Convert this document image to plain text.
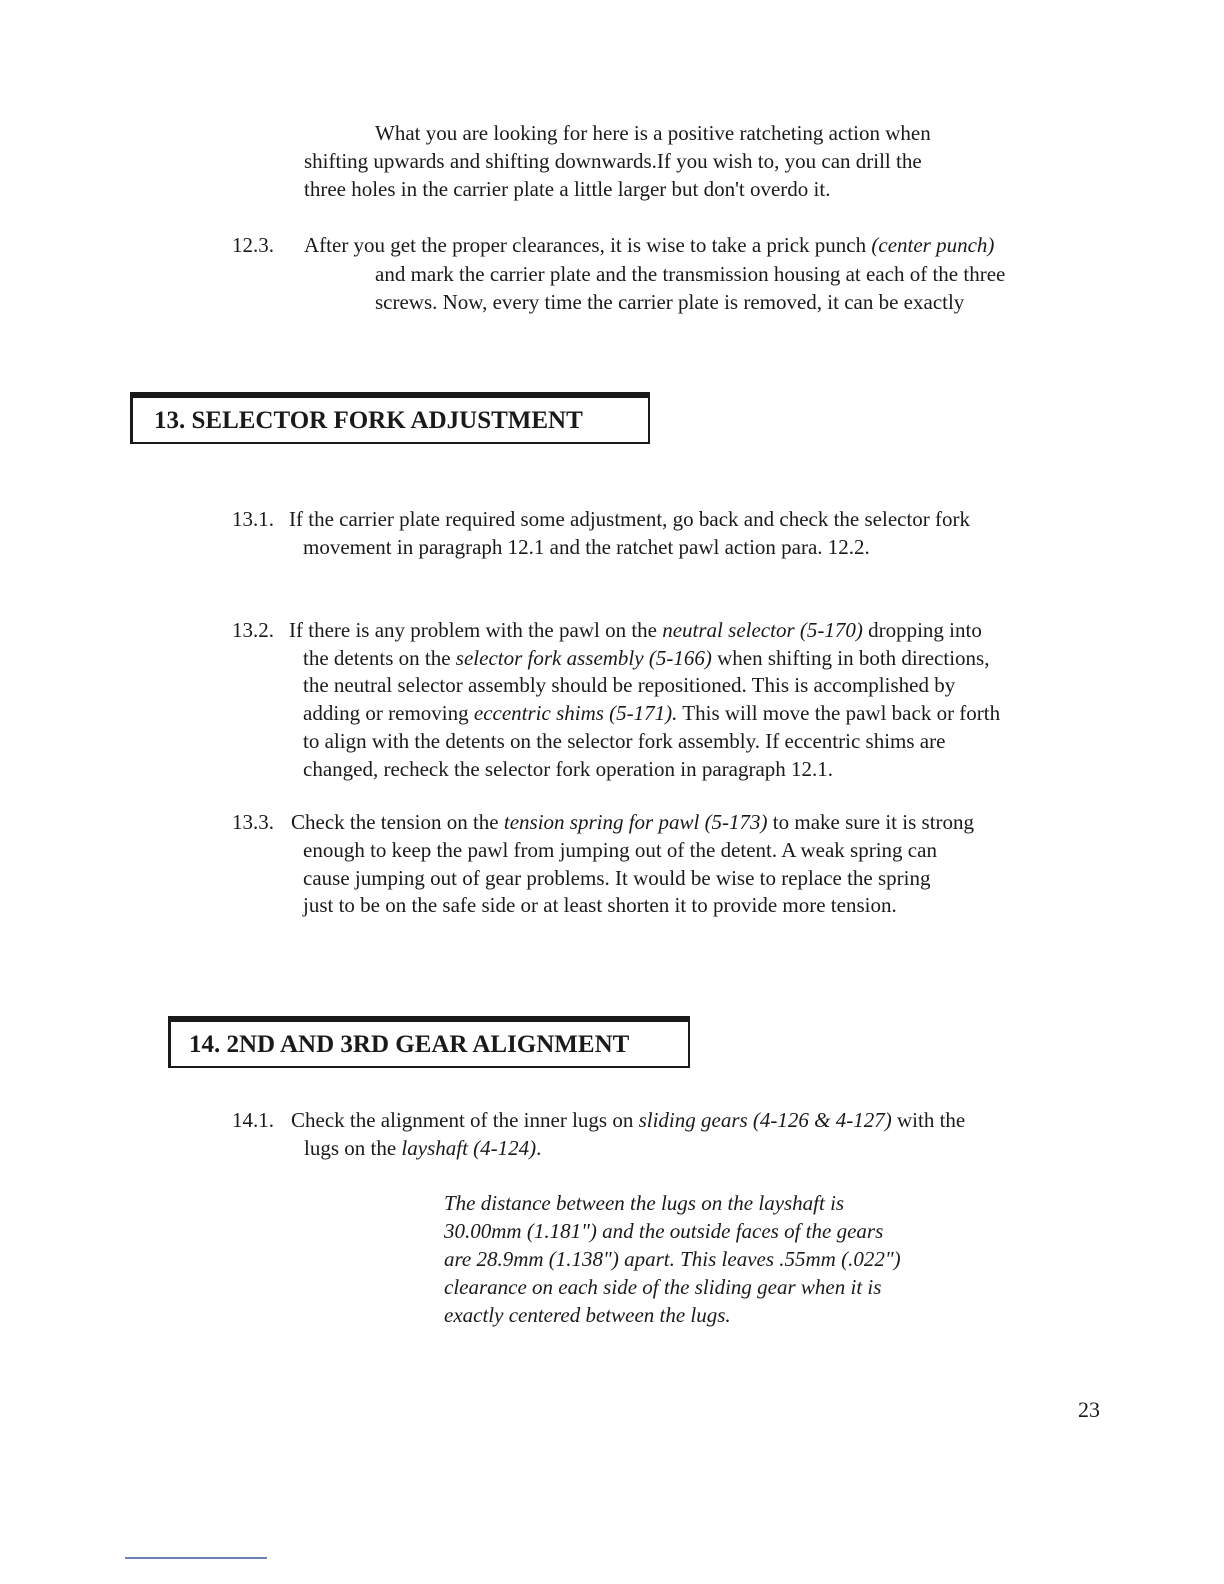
What you are looking for here is a positive ratcheting action when
shifting upwards and shifting downwards.If you wish to, you can drill the
three holes in the carrier plate a little larger but don't overdo it.
12.3. After you get the proper clearances, it is wise to take a prick punch (center punch)
and mark the carrier plate and the transmission housing at each of the three
screws. Now, every time the carrier plate is removed, it can be exactly
13. SELECTOR FORK ADJUSTMENT
13.1. If the carrier plate required some adjustment, go back and check the selector fork
movement in paragraph 12.1 and the ratchet pawl action para. 12.2.
13.2. If there is any problem with the pawl on the neutral selector (5-170) dropping into
the detents on the selector fork assembly (5-166) when shifting in both directions,
the neutral selector assembly should be repositioned. This is accomplished by
adding or removing eccentric shims (5-171). This will move the pawl back or forth
to align with the detents on the selector fork assembly. If eccentric shims are
changed, recheck the selector fork operation in paragraph 12.1.
13.3. Check the tension on the tension spring for pawl (5-173) to make sure it is strong
enough to keep the pawl from jumping out of the detent. A weak spring can
cause jumping out of gear problems. It would be wise to replace the spring
just to be on the safe side or at least shorten it to provide more tension.
14. 2ND AND 3RD GEAR ALIGNMENT
14.1. Check the alignment of the inner lugs on sliding gears (4-126 & 4-127) with the
lugs on the layshaft (4-124).
The distance between the lugs on the layshaft is
30.00mm (1.181") and the outside faces of the gears
are 28.9mm (1.138") apart. This leaves .55mm (.022")
clearance on each side of the sliding gear when it is
exactly centered between the lugs.
23
